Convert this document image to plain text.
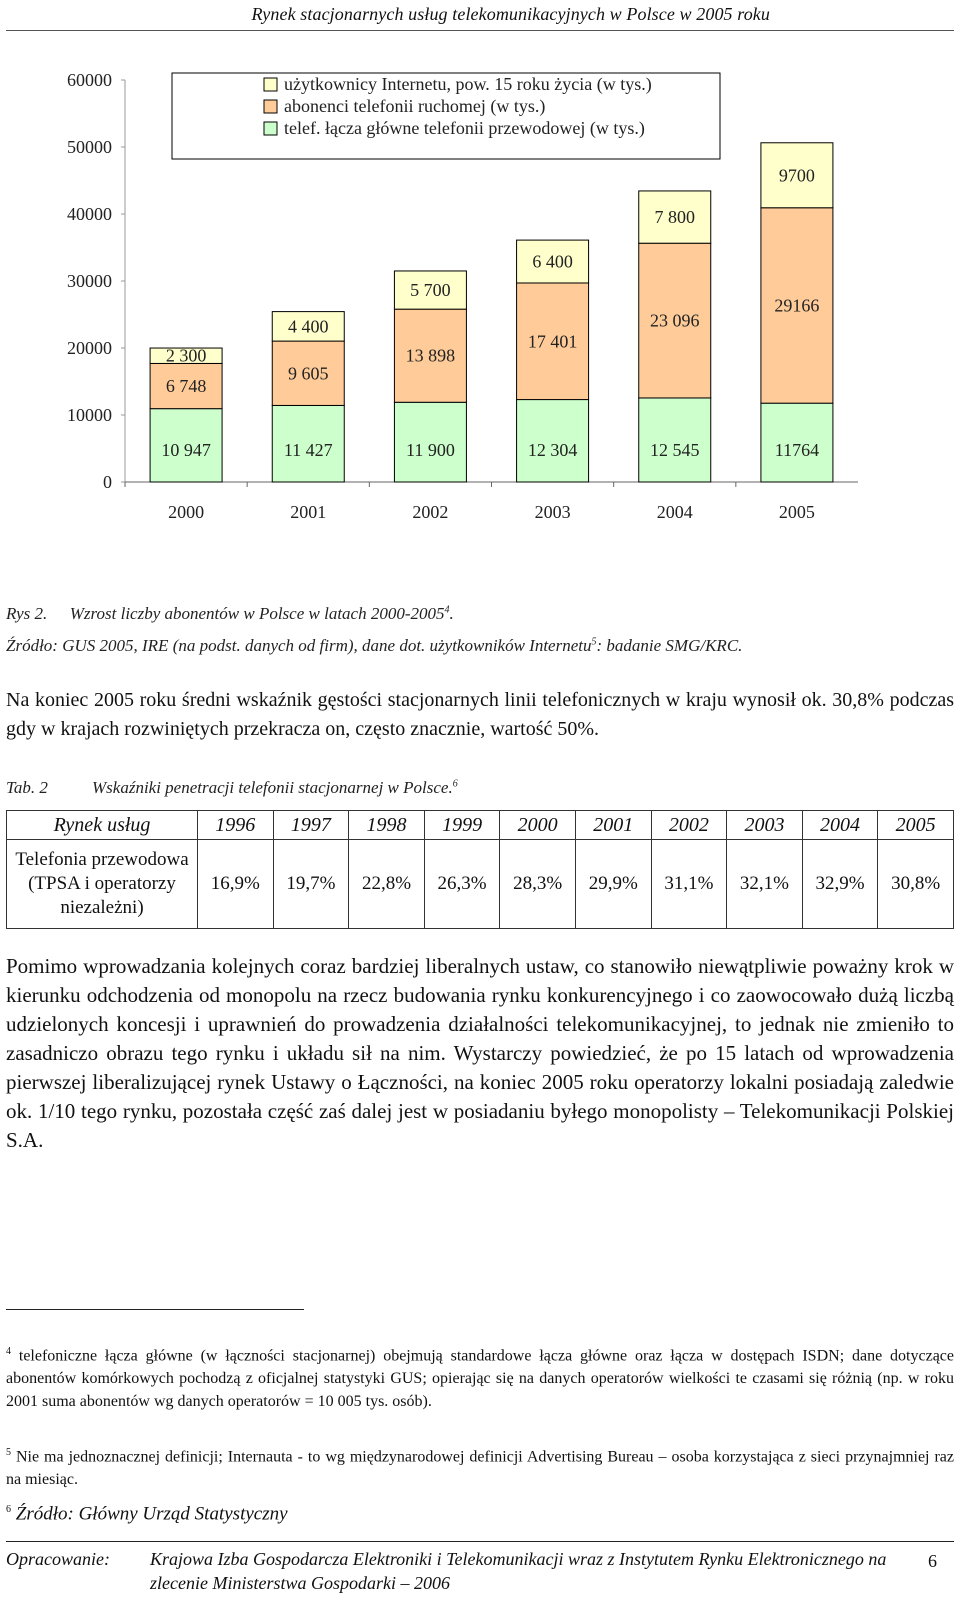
Rynek stacjonarnych usług telekomunikacyjnych w Polsce w 2005 roku
0
10000
20000
30000
40000
50000
60000
2000
10 947
6 748
2 300
2001
11 427
9 605
4 400
2002
11 900
13 898
5 700
2003
12 304
17 401
6 400
2004
12 545
23 096
7 800
2005
11764
29166
9700
użytkownicy Internetu, pow. 15 roku życia (w tys.)
abonenci telefonii ruchomej (w tys.)
telef. łącza główne telefonii przewodowej (w tys.)
Rys 2. Wzrost liczby abonentów w Polsce w latach 2000-2005$^4$.
Źródło: GUS 2005, IRE (na podst. danych od firm), dane dot. użytkowników Internetu$^5$: badanie SMG/KRC.
Na koniec 2005 roku średni wskaźnik gęstości stacjonarnych linii telefonicznych w kraju wynosił ok. 30,8% podczas gdy w krajach rozwiniętych przekracza on, często znacznie, wartość 50%.
Tab. 2	Wskaźniki penetracji telefonii stacjonarnej w Polsce.$^6$
Rynek usług	1996	1997	1998	1999	2000	2001	2002	2003	2004	2005
Telefonia przewodowa (TPSA i operatorzy niezależni)	16,9%	19,7%	22,8%	26,3%	28,3%	29,9%	31,1%	32,1%	32,9%	30,8%
Pomimo wprowadzania kolejnych coraz bardziej liberalnych ustaw, co stanowiło niewątpliwie poważny krok w kierunku odchodzenia od monopolu na rzecz budowania rynku konkurencyjnego i co zaowocowało dużą liczbą udzielonych koncesji i uprawnień do prowadzenia działalności telekomunikacyjnej, to jednak nie zmieniło to zasadniczo obrazu tego rynku i układu sił na nim. Wystarczy powiedzieć, że po 15 latach od wprowadzenia pierwszej liberalizującej rynek Ustawy o Łączności, na koniec 2005 roku operatorzy lokalni posiadają zaledwie ok. 1/10 tego rynku, pozostała część zaś dalej jest w posiadaniu byłego monopolisty – Telekomunikacji Polskiej S.A.
$^4$ telefoniczne łącza główne (w łączności stacjonarnej) obejmują standardowe łącza główne oraz łącza w dostępach ISDN; dane dotyczące abonentów komórkowych pochodzą z oficjalnej statystyki GUS; opierając się na danych operatorów wielkości te czasami się różnią (np. w roku 2001 suma abonentów wg danych operatorów = 10 005 tys. osób).
$^5$ Nie ma jednoznacznej definicji; Internauta - to wg międzynarodowej definicji Advertising Bureau – osoba korzystająca z sieci przynajmniej raz na miesiąc.
$^6$ Źródło: Główny Urząd Statystyczny
Opracowanie: Krajowa Izba Gospodarcza Elektroniki i Telekomunikacji wraz z Instytutem Rynku Elektronicznego na zlecenie Ministerstwa Gospodarki – 2006
6
